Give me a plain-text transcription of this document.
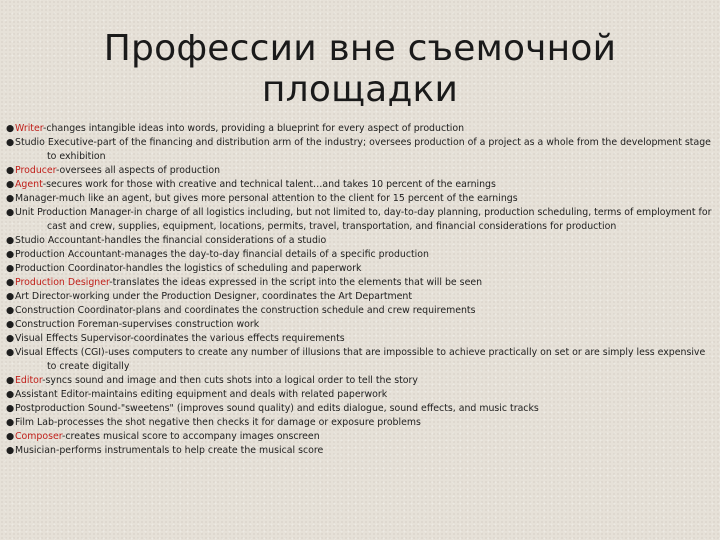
Профессии вне съемочной площадки
●Writer-changes intangible ideas into words, providing a blueprint for every aspect of production
●Studio Executive-part of the financing and distribution arm of the industry; oversees production of a project as a whole from the development stage to exhibition
●Producer-oversees all aspects of production
●Agent-secures work for those with creative and technical talent…and takes 10 percent of the earnings
●Manager-much like an agent, but gives more personal attention to the client for 15 percent of the earnings
●Unit Production Manager-in charge of all logistics including, but not limited to, day-to-day planning, production scheduling, terms of employment for cast and crew, supplies, equipment, locations, permits, travel, transportation, and financial considerations for production
●Studio Accountant-handles the financial considerations of a studio
●Production Accountant-manages the day-to-day financial details of a specific production
●Production Coordinator-handles the logistics of scheduling and paperwork
●Production Designer-translates the ideas expressed in the script into the elements that will be seen
●Art Director-working under the Production Designer, coordinates the Art Department
●Construction Coordinator-plans and coordinates the construction schedule and crew requirements
●Construction Foreman-supervises construction work
●Visual Effects Supervisor-coordinates the various effects requirements
●Visual Effects (CGI)-uses computers to create any number of illusions that are impossible to achieve practically on set or are simply less expensive to create digitally
●Editor-syncs sound and image and then cuts shots into a logical order to tell the story
●Assistant Editor-maintains editing equipment and deals with related paperwork
●Postproduction Sound-"sweetens" (improves sound quality) and edits dialogue, sound effects, and music tracks
●Film Lab-processes the shot negative then checks it for damage or exposure problems
●Composer-creates musical score to accompany images onscreen
●Musician-performs instrumentals to help create the musical score
